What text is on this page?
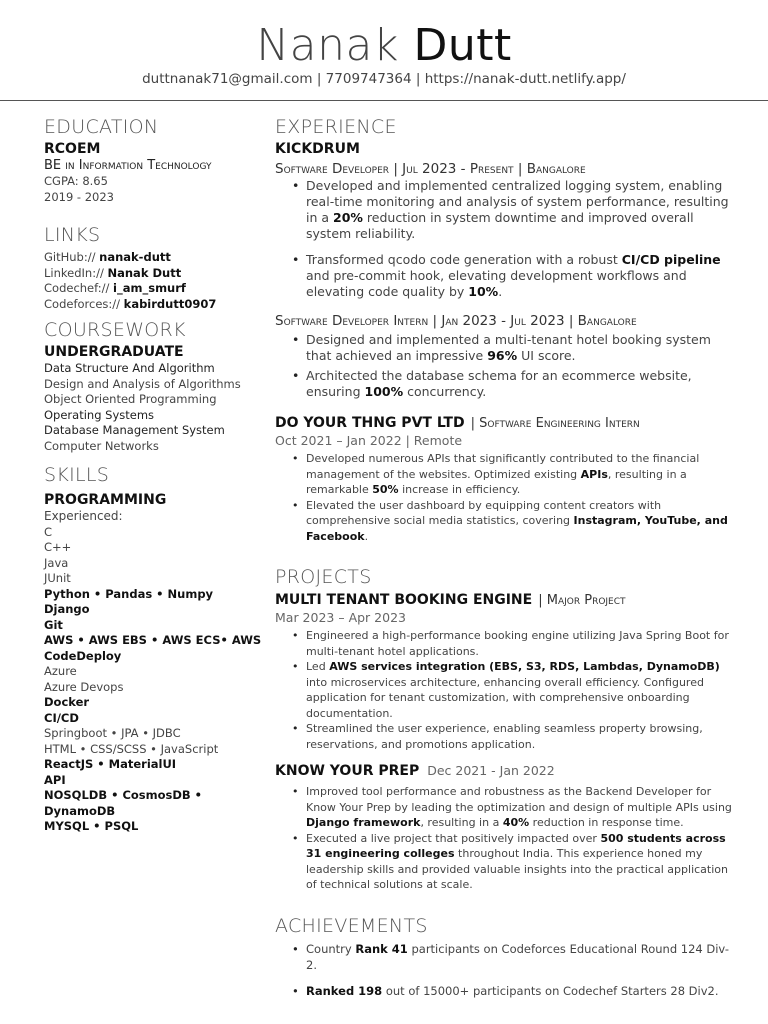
Nanak Dutt
duttnanak71@gmail.com | 7709747364 | https://nanak-dutt.netlify.app/
EDUCATION
RCOEM
BE in Information Technology
CGPA: 8.65
2019 - 2023
LINKS
GitHub:// nanak-dutt
LinkedIn:// Nanak Dutt
Codechef:// i_am_smurf
Codeforces:// kabirdutt0907
COURSEWORK
UNDERGRADUATE
Data Structure And Algorithm
Design and Analysis of Algorithms
Object Oriented Programming
Operating Systems
Database Management System
Computer Networks
SKILLS
PROGRAMMING
Experienced:
C
C++
Java
JUnit
Python • Pandas • Numpy
Django
Git
AWS • AWS EBS • AWS ECS• AWS
CodeDeploy
Azure
Azure Devops
Docker
CI/CD
Springboot • JPA • JDBC
HTML • CSS/SCSS • JavaScript
ReactJS • MaterialUI
API
NOSQLDB • CosmosDB • DynamoDB
MYSQL • PSQL
EXPERIENCE
KICKDRUM
Software Developer | Jul 2023 - Present | Bangalore
• Developed and implemented centralized logging system, enabling real-time monitoring and analysis of system performance, resulting in a 20% reduction in system downtime and improved overall system reliability.
• Transformed qcodo code generation with a robust CI/CD pipeline and pre-commit hook, elevating development workflows and elevating code quality by 10%.
Software Developer Intern | Jan 2023 - Jul 2023 | Bangalore
• Designed and implemented a multi-tenant hotel booking system that achieved an impressive 96% UI score.
• Architected the database schema for an ecommerce website, ensuring 100% concurrency.
DO YOUR THNG PVT LTD | Software Engineering Intern
Oct 2021 – Jan 2022 | Remote
• Developed numerous APIs that significantly contributed to the financial management of the websites. Optimized existing APIs, resulting in a remarkable 50% increase in efficiency.
• Elevated the user dashboard by equipping content creators with comprehensive social media statistics, covering Instagram, YouTube, and Facebook.
PROJECTS
MULTI TENANT BOOKING ENGINE | Major Project
Mar 2023 – Apr 2023
• Engineered a high-performance booking engine utilizing Java Spring Boot for multi-tenant hotel applications.
• Led AWS services integration (EBS, S3, RDS, Lambdas, DynamoDB) into microservices architecture, enhancing overall efficiency. Configured application for tenant customization, with comprehensive onboarding documentation.
• Streamlined the user experience, enabling seamless property browsing, reservations, and promotions application.
KNOW YOUR PREP Dec 2021 - Jan 2022
• Improved tool performance and robustness as the Backend Developer for Know Your Prep by leading the optimization and design of multiple APIs using Django framework, resulting in a 40% reduction in response time.
• Executed a live project that positively impacted over 500 students across 31 engineering colleges throughout India. This experience honed my leadership skills and provided valuable insights into the practical application of technical solutions at scale.
ACHIEVEMENTS
• Country Rank 41 participants on Codeforces Educational Round 124 Div-2.
• Ranked 198 out of 15000+ participants on Codechef Starters 28 Div2.
